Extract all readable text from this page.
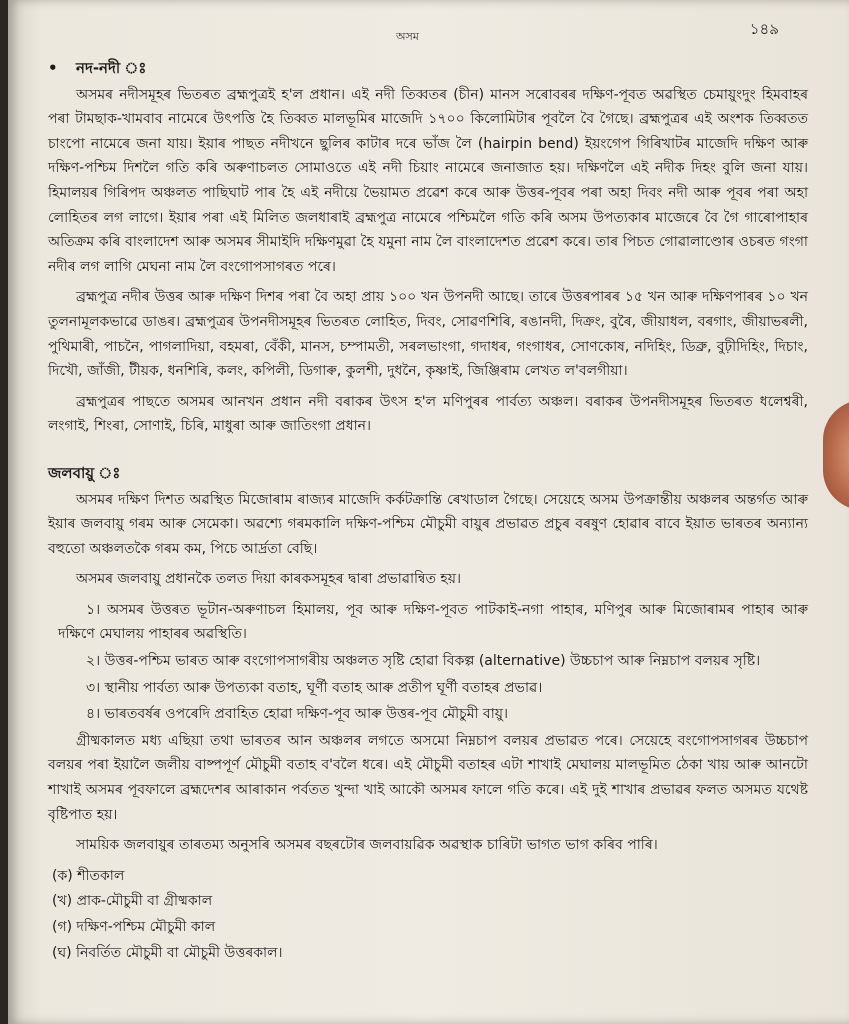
অসম	১৪৯
• নদ-নদী ঃ

অসমৰ নদীসমূহৰ ভিতৰত ব্ৰহ্মপুত্ৰই হ'ল প্ৰধান। এই নদী তিব্বতৰ (চীন) মানস সৰোবৰৰ দক্ষিণ-পূবত অৱস্থিত চেমায়ুংদুং হিমবাহৰ পৰা টামছাক-খামবাব নামেৰে উৎপত্তি হৈ তিব্বত মালভূমিৰ মাজেদি ১৭০০ কিলোমিটাৰ পূবলৈ বৈ গৈছে। ব্ৰহ্মপুত্ৰৰ এই অংশক তিব্বতত চাংপো নামেৰে জনা যায়। ইয়াৰ পাছত নদীখনে ছুলিৰ কাটাৰ দৰে ভাঁজ লৈ (hairpin bend) ইয়ংগেপ গিৰিখাটৰ মাজেদি দক্ষিণ আৰু দক্ষিণ-পশ্চিম দিশলৈ গতি কৰি অৰুণাচলত সোমাওতে এই নদী চিয়াং নামেৰে জনাজাত হয়। দক্ষিণলৈ এই নদীক দিহং বুলি জনা যায়। হিমালয়ৰ গিৰিপদ অঞ্চলত পাছিঘাট পাৰ হৈ এই নদীয়ে ভৈয়ামত প্ৰৱেশ কৰে আৰু উত্তৰ-পূবৰ পৰা অহা দিবং নদী আৰু পূবৰ পৰা অহা লোহিতৰ লগ লাগে। ইয়াৰ পৰা এই মিলিত জলধাৰাই ব্ৰহ্মপুত্ৰ নামেৰে পশ্চিমলৈ গতি কৰি অসম উপত্যকাৰ মাজেৰে বৈ গৈ গাৰোপাহাৰ অতিক্ৰম কৰি বাংলাদেশ আৰু অসমৰ সীমাইদি দক্ষিণমুৱা হৈ যমুনা নাম লৈ বাংলাদেশত প্ৰৱেশ কৰে। তাৰ পিচত গোৱালাণ্ডোৰ ওচৰত গংগা নদীৰ লগ লাগি মেঘনা নাম লৈ বংগোপসাগৰত পৰে।

ব্ৰহ্মপুত্ৰ নদীৰ উত্তৰ আৰু দক্ষিণ দিশৰ পৰা বৈ অহা প্ৰায় ১০০ খন উপনদী আছে। তাৰে উত্তৰপাৰৰ ১৫ খন আৰু দক্ষিণপাৰৰ ১০ খন তুলনামূলকভাৱে ডাঙৰ। ব্ৰহ্মপুত্ৰৰ উপনদীসমূহৰ ভিতৰত লোহিত, দিবং, সোৱণশিৰি, ৰঙানদী, দিক্ৰং, বুৰৈ, জীয়াধল, বৰগাং, জীয়াভৰলী, পুথিমাৰী, পাচনৈ, পাগলাদিয়া, বহমৰা, বেঁকী, মানস, চম্পামতী, সৰলভাংগা, গদাধৰ, গংগাধৰ, সোণকোষ, নদিহিং, ডিব্ৰু, বুঢ়ীদিহিং, দিচাং, দিখৌ, জাঁজী, টীয়ক, ধনশিৰি, কলং, কপিলী, ডিগাৰু, কুলশী, দুধনৈ, কৃষ্ণাই, জিঞ্জিৰাম লেখত ল'বলগীয়া।

ব্ৰহ্মপুত্ৰৰ পাছতে অসমৰ আনখন প্ৰধান নদী বৰাকৰ উৎস হ'ল মণিপুৰৰ পাৰ্বত্য অঞ্চল। বৰাকৰ উপনদীসমূহৰ ভিতৰত ধলেশ্বৰী, লংগাই, শিংৰা, সোণাই, চিৰি, মাধুৰা আৰু জাতিংগা প্ৰধান।

জলবায়ু ঃ

অসমৰ দক্ষিণ দিশত অৱস্থিত মিজোৰাম ৰাজ্যৰ মাজেদি কৰ্কটক্ৰান্তি ৰেখাডাল গৈছে। সেয়েহে অসম উপক্ৰান্তীয় অঞ্চলৰ অন্তৰ্গত আৰু ইয়াৰ জলবায়ু গৰম আৰু সেমেকা। অৱশ্যে গৰমকালি দক্ষিণ-পশ্চিম মৌচুমী বায়ুৰ প্ৰভাৱত প্ৰচুৰ বৰষুণ হোৱাৰ বাবে ইয়াত ভাৰতৰ অন্যান্য বহুতো অঞ্চলতকৈ গৰম কম, পিচে আৰ্দ্ৰতা বেছি।

অসমৰ জলবায়ু প্ৰধানকৈ তলত দিয়া কাৰকসমূহৰ দ্বাৰা প্ৰভাৱান্বিত হয়।

১। অসমৰ উত্তৰত ভূটান-অৰুণাচল হিমালয়, পূব আৰু দক্ষিণ-পূবত পাটকাই-নগা পাহাৰ, মণিপুৰ আৰু মিজোৰামৰ পাহাৰ আৰু দক্ষিণে মেঘালয় পাহাৰৰ অৱস্থিতি।

২। উত্তৰ-পশ্চিম ভাৰত আৰু বংগোপসাগৰীয় অঞ্চলত সৃষ্টি হোৱা বিকল্প (alternative) উচ্চচাপ আৰু নিম্নচাপ বলয়ৰ সৃষ্টি।

৩। স্থানীয় পাৰ্বত্য আৰু উপত্যকা বতাহ, ঘূৰ্ণী বতাহ আৰু প্ৰতীপ ঘূৰ্ণী বতাহৰ প্ৰভাৱ।

৪। ভাৰতবৰ্ষৰ ওপৰেদি প্ৰবাহিত হোৱা দক্ষিণ-পূব আৰু উত্তৰ-পূব মৌচুমী বায়ু।

গ্ৰীষ্মকালত মধ্য এছিয়া তথা ভাৰতৰ আন অঞ্চলৰ লগতে অসমো নিম্নচাপ বলয়ৰ প্ৰভাৱত পৰে। সেয়েহে বংগোপসাগৰৰ উচ্চচাপ বলয়ৰ পৰা ইয়ালৈ জলীয় বাষ্পপূৰ্ণ মৌচুমী বতাহ ব'বলৈ ধৰে। এই মৌচুমী বতাহৰ এটা শাখাই মেঘালয় মালভূমিত ঠেকা খায় আৰু আনটো শাখাই অসমৰ পূবফালে ব্ৰহ্মদেশৰ আৰাকান পৰ্বতত খুন্দা খাই আকৌ অসমৰ ফালে গতি কৰে। এই দুই শাখাৰ প্ৰভাৱৰ ফলত অসমত যথেষ্ট বৃষ্টিপাত হয়।

সাময়িক জলবায়ুৰ তাৰতম্য অনুসৰি অসমৰ বছৰটোৰ জলবায়ৱিক অৱস্থাক চাৰিটা ভাগত ভাগ কৰিব পাৰি।

(ক) শীতকাল
(খ) প্ৰাক-মৌচুমী বা গ্ৰীষ্মকাল
(গ) দক্ষিণ-পশ্চিম মৌচুমী কাল
(ঘ) নিবৰ্তিত মৌচুমী বা মৌচুমী উত্তৰকাল।
